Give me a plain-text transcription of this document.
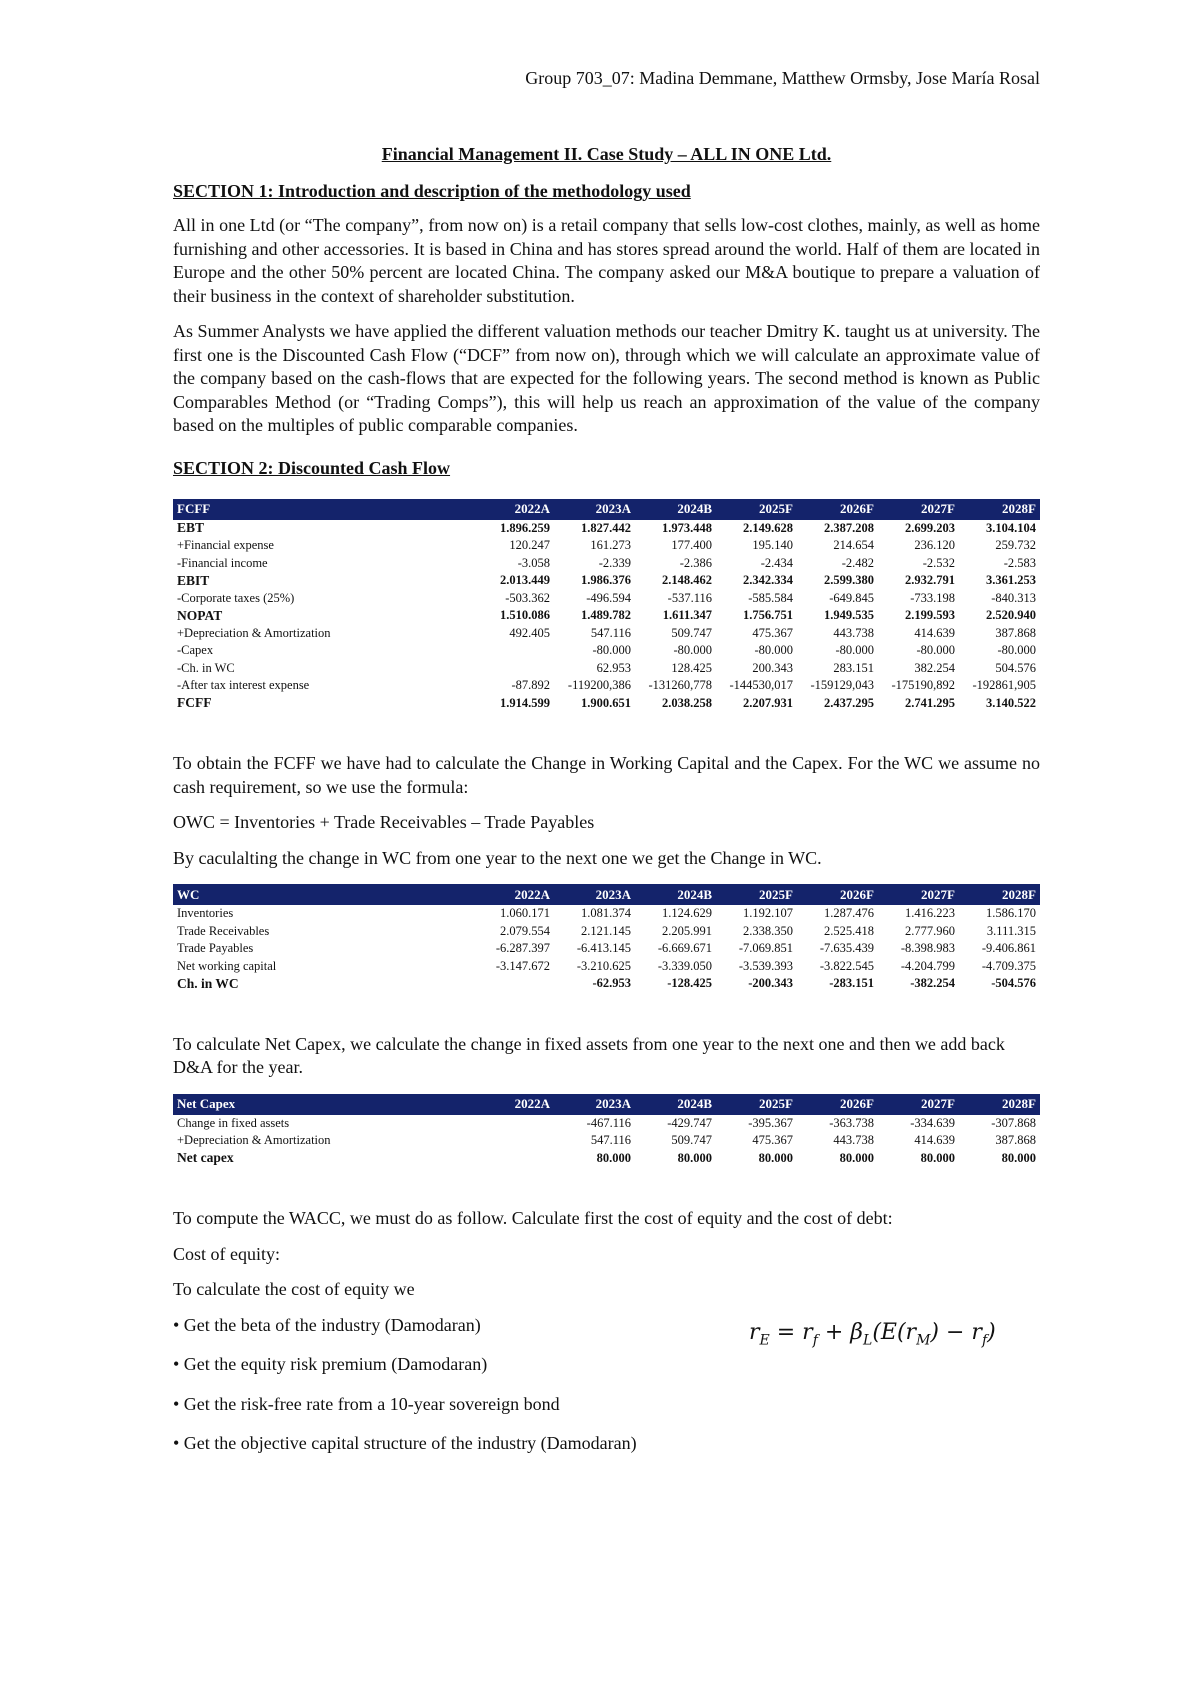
Group 703_07: Madina Demmane, Matthew Ormsby, Jose María Rosal
Financial Management II. Case Study – ALL IN ONE Ltd.
SECTION 1: Introduction and description of the methodology used

All in one Ltd (or “The company”, from now on) is a retail company that sells low-cost clothes, mainly, as well as home furnishing and other accessories. It is based in China and has stores spread around the world. Half of them are located in Europe and the other 50% percent are located China. The company asked our M&A boutique to prepare a valuation of their business in the context of shareholder substitution.

As Summer Analysts we have applied the different valuation methods our teacher Dmitry K. taught us at university. The first one is the Discounted Cash Flow (“DCF” from now on), through which we will calculate an approximate value of the company based on the cash-flows that are expected for the following years. The second method is known as Public Comparables Method (or “Trading Comps”), this will help us reach an approximation of the value of the company based on the multiples of public comparable companies.

SECTION 2: Discounted Cash Flow
FCFF	2022A	2023A	2024B	2025F	2026F	2027F	2028F
EBT	1.896.259	1.827.442	1.973.448	2.149.628	2.387.208	2.699.203	3.104.104
+Financial expense	120.247	161.273	177.400	195.140	214.654	236.120	259.732
-Financial income	-3.058	-2.339	-2.386	-2.434	-2.482	-2.532	-2.583
EBIT	2.013.449	1.986.376	2.148.462	2.342.334	2.599.380	2.932.791	3.361.253
-Corporate taxes (25%)	-503.362	-496.594	-537.116	-585.584	-649.845	-733.198	-840.313
NOPAT	1.510.086	1.489.782	1.611.347	1.756.751	1.949.535	2.199.593	2.520.940
+Depreciation & Amortization	492.405	547.116	509.747	475.367	443.738	414.639	387.868
-Capex		-80.000	-80.000	-80.000	-80.000	-80.000	-80.000
-Ch. in WC		62.953	128.425	200.343	283.151	382.254	504.576
-After tax interest expense	-87.892	-119200,386	-131260,778	-144530,017	-159129,043	-175190,892	-192861,905
FCFF	1.914.599	1.900.651	2.038.258	2.207.931	2.437.295	2.741.295	3.140.522

To obtain the FCFF we have had to calculate the Change in Working Capital and the Capex. For the WC we assume no cash requirement, so we use the formula:

OWC = Inventories + Trade Receivables – Trade Payables

By caculalting the change in WC from one year to the next one we get the Change in WC.

WC	2022A	2023A	2024B	2025F	2026F	2027F	2028F
Inventories	1.060.171	1.081.374	1.124.629	1.192.107	1.287.476	1.416.223	1.586.170
Trade Receivables	2.079.554	2.121.145	2.205.991	2.338.350	2.525.418	2.777.960	3.111.315
Trade Payables	-6.287.397	-6.413.145	-6.669.671	-7.069.851	-7.635.439	-8.398.983	-9.406.861
Net working capital	-3.147.672	-3.210.625	-3.339.050	-3.539.393	-3.822.545	-4.204.799	-4.709.375
Ch. in WC		-62.953	-128.425	-200.343	-283.151	-382.254	-504.576

To calculate Net Capex, we calculate the change in fixed assets from one year to the next one and then we add back D&A for the year.

Net Capex	2022A	2023A	2024B	2025F	2026F	2027F	2028F
Change in fixed assets		-467.116	-429.747	-395.367	-363.738	-334.639	-307.868
+Depreciation & Amortization		547.116	509.747	475.367	443.738	414.639	387.868
Net capex		80.000	80.000	80.000	80.000	80.000	80.000

To compute the WACC, we must do as follow. Calculate first the cost of equity and the cost of debt:

Cost of equity:

To calculate the cost of equity we

• Get the beta of the industry (Damodaran)

• Get the equity risk premium (Damodaran)

• Get the risk-free rate from a 10-year sovereign bond

• Get the objective capital structure of the industry (Damodaran)

$r_E = r_f + \beta_L(E(r_M) - r_f)$
